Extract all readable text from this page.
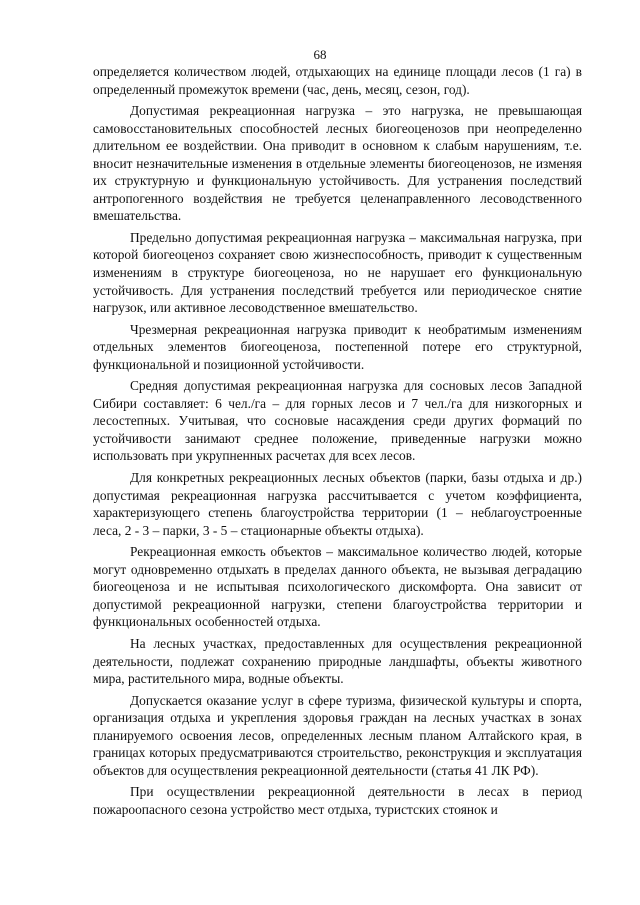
68

определяется количеством людей, отдыхающих на единице площади лесов (1 га) в определенный промежуток времени (час, день, месяц, сезон, год).

Допустимая рекреационная нагрузка – это нагрузка, не превышающая самовосстановительных способностей лесных биогеоценозов при неопределенно длительном ее воздействии. Она приводит в основном к слабым нарушениям, т.е. вносит незначительные изменения в отдельные элементы биогеоценозов, не изменяя их структурную и функциональную устойчивость. Для устранения последствий антропогенного воздействия не требуется целенаправленного лесоводственного вмешательства.

Предельно допустимая рекреационная нагрузка – максимальная нагрузка, при которой биогеоценоз сохраняет свою жизнеспособность, приводит к существенным изменениям в структуре биогеоценоза, но не нарушает его функциональную устойчивость. Для устранения последствий требуется или периодическое снятие нагрузок, или активное лесоводственное вмешательство.

Чрезмерная рекреационная нагрузка приводит к необратимым изменениям отдельных элементов биогеоценоза, постепенной потере его структурной, функциональной и позиционной устойчивости.

Средняя допустимая рекреационная нагрузка для сосновых лесов Западной Сибири составляет: 6 чел./га – для горных лесов и 7 чел./га для низкогорных и лесостепных. Учитывая, что сосновые насаждения среди других формаций по устойчивости занимают среднее положение, приведенные нагрузки можно использовать при укрупненных расчетах для всех лесов.

Для конкретных рекреационных лесных объектов (парки, базы отдыха и др.) допустимая рекреационная нагрузка рассчитывается с учетом коэффициента, характеризующего степень благоустройства территории (1 – неблагоустроенные леса, 2 - 3 – парки, 3 - 5 – стационарные объекты отдыха).

Рекреационная емкость объектов – максимальное количество людей, которые могут одновременно отдыхать в пределах данного объекта, не вызывая деградацию биогеоценоза и не испытывая психологического дискомфорта. Она зависит от допустимой рекреационной нагрузки, степени благоустройства территории и функциональных особенностей отдыха.

На лесных участках, предоставленных для осуществления рекреационной деятельности, подлежат сохранению природные ландшафты, объекты животного мира, растительного мира, водные объекты.

Допускается оказание услуг в сфере туризма, физической культуры и спорта, организация отдыха и укрепления здоровья граждан на лесных участках в зонах планируемого освоения лесов, определенных лесным планом Алтайского края, в границах которых предусматриваются строительство, реконструкция и эксплуатация объектов для осуществления рекреационной деятельности (статья 41 ЛК РФ).

При осуществлении рекреационной деятельности в лесах в период пожароопасного сезона устройство мест отдыха, туристских стоянок и
